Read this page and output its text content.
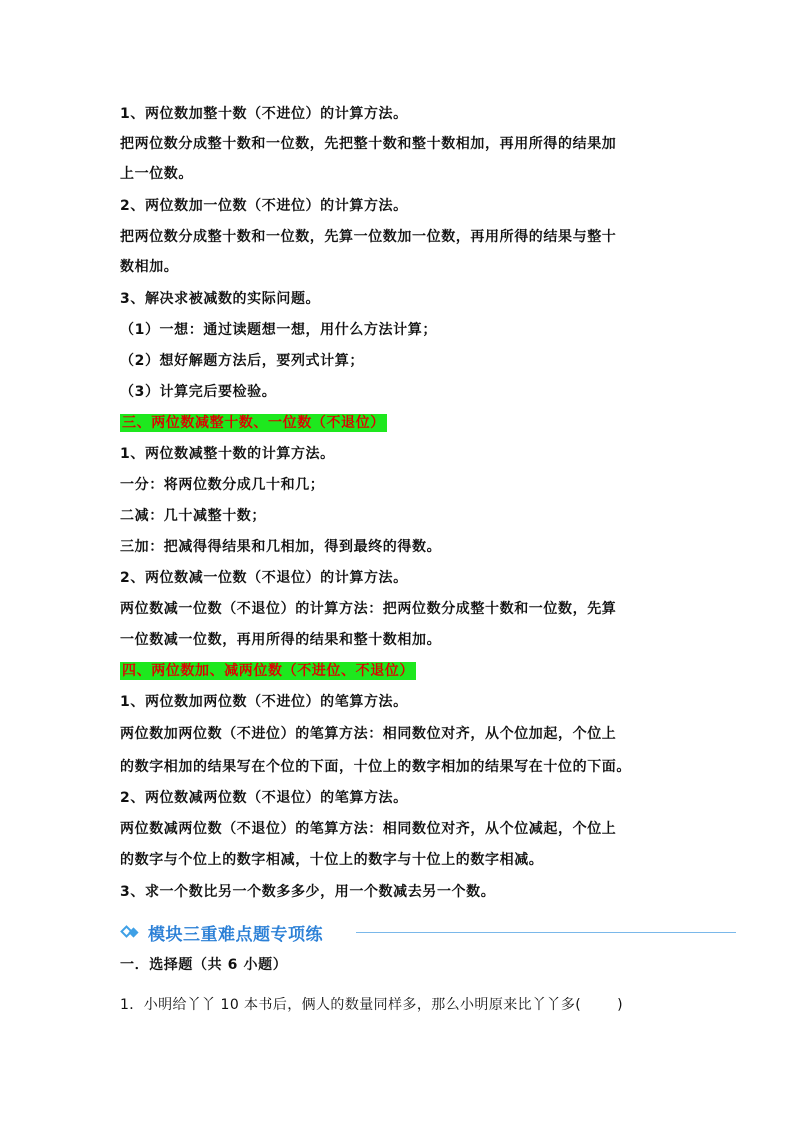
1、两位数加整十数（不进位）的计算方法。
把两位数分成整十数和一位数，先把整十数和整十数相加，再用所得的结果加
上一位数。
2、两位数加一位数（不进位）的计算方法。
把两位数分成整十数和一位数，先算一位数加一位数，再用所得的结果与整十
数相加。
3、解决求被减数的实际问题。
（1）一想：通过读题想一想，用什么方法计算；
（2）想好解题方法后，要列式计算；
（3）计算完后要检验。
三、两位数减整十数、一位数（不退位）
1、两位数减整十数的计算方法。
一分：将两位数分成几十和几；
二减：几十减整十数；
三加：把减得得结果和几相加，得到最终的得数。
2、两位数减一位数（不退位）的计算方法。
两位数减一位数（不退位）的计算方法：把两位数分成整十数和一位数，先算
一位数减一位数，再用所得的结果和整十数相加。
四、两位数加、减两位数（不进位、不退位）
1、两位数加两位数（不进位）的笔算方法。
两位数加两位数（不进位）的笔算方法：相同数位对齐，从个位加起，个位上
的数字相加的结果写在个位的下面，十位上的数字相加的结果写在十位的下面。
2、两位数减两位数（不退位）的笔算方法。
两位数减两位数（不退位）的笔算方法：相同数位对齐，从个位减起，个位上
的数字与个位上的数字相减，十位上的数字与十位上的数字相减。
3、求一个数比另一个数多多少，用一个数减去另一个数。
模块三重难点题专项练
一．选择题（共 6 小题）
1．小明给丫丫 10 本书后，俩人的数量同样多，那么小明原来比丫丫多(	)
